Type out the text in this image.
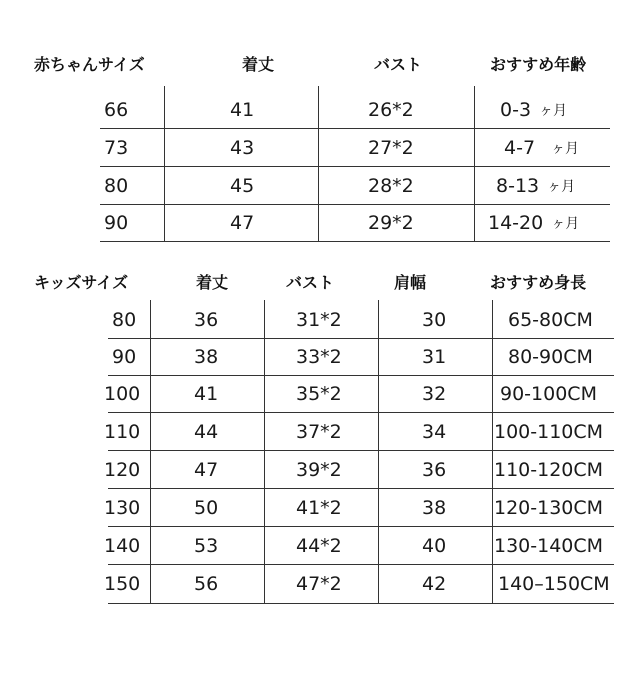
赤ちゃんサイズ	着丈	バスト	おすすめ年齢
66	41	26*2	0-3 ヶ月
73	43	27*2	4-7 ヶ月
80	45	28*2	8-13 ヶ月
90	47	29*2	14-20 ヶ月
キッズサイズ	着丈	バスト	肩幅	おすすめ身長
80	36	31*2	30	65-80CM
90	38	33*2	31	80-90CM
100	41	35*2	32	90-100CM
110	44	37*2	34	100-110CM
120	47	39*2	36	110-120CM
130	50	41*2	38	120-130CM
140	53	44*2	40	130-140CM
150	56	47*2	42	140–150CM
